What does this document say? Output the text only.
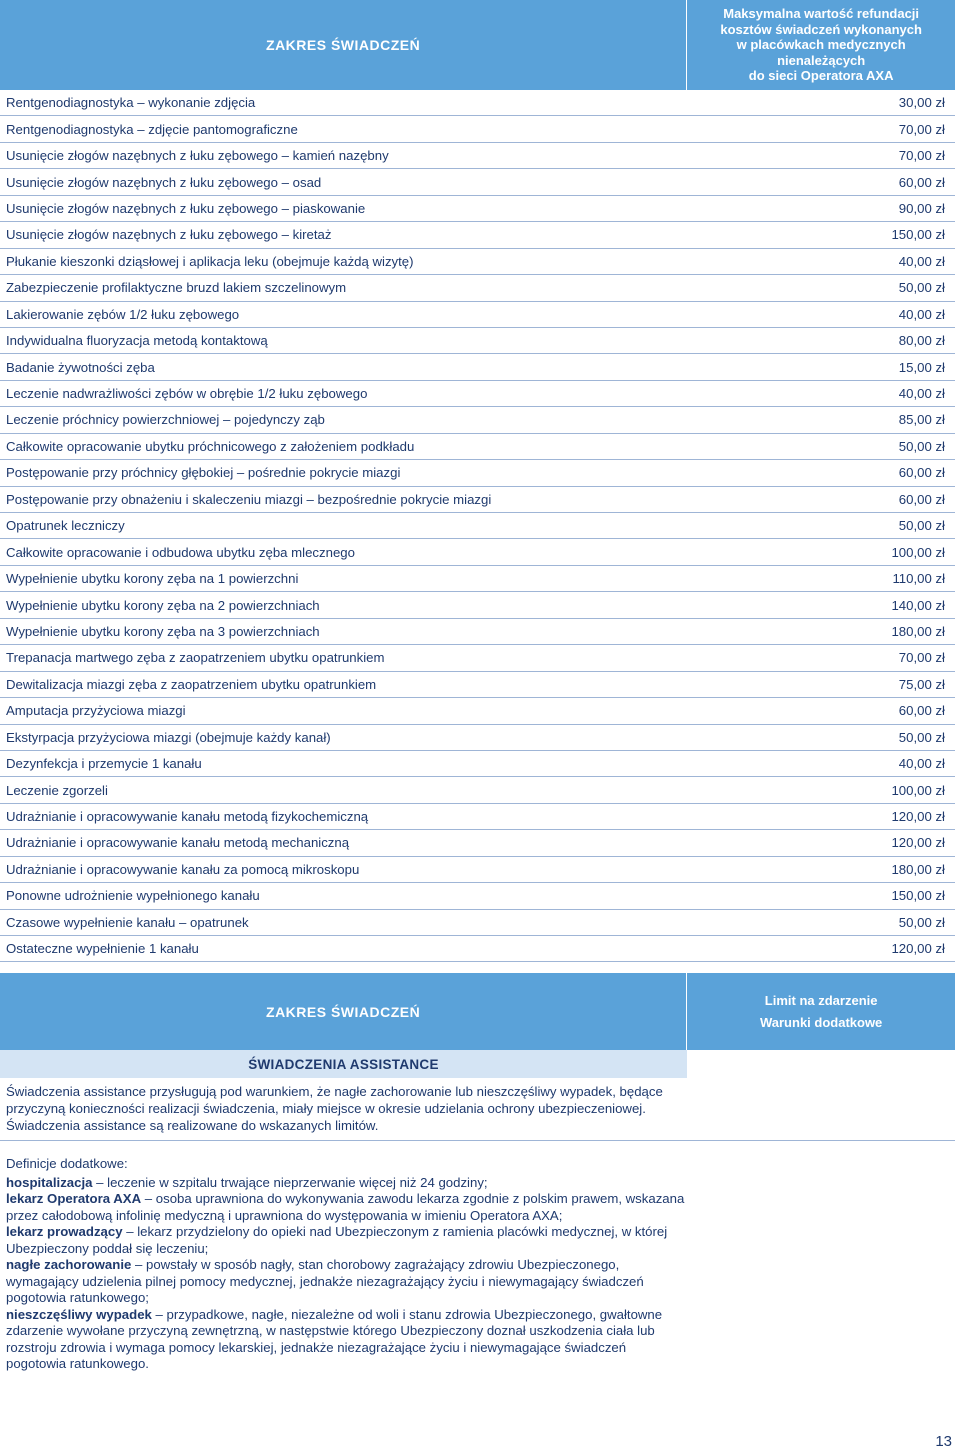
ZAKRES ŚWIADCZEŃ
Maksymalna wartość refundacji
kosztów świadczeń wykonanych
w placówkach medycznych
nienależących
do sieci Operatora AXA
Rentgenodiagnostyka – wykonanie zdjęcia	30,00 zł
Rentgenodiagnostyka – zdjęcie pantomograficzne	70,00 zł
Usunięcie złogów nazębnych z łuku zębowego – kamień nazębny	70,00 zł
Usunięcie złogów nazębnych z łuku zębowego – osad	60,00 zł
Usunięcie złogów nazębnych z łuku zębowego – piaskowanie	90,00 zł
Usunięcie złogów nazębnych z łuku zębowego – kiretaż	150,00 zł
Płukanie kieszonki dziąsłowej i aplikacja leku (obejmuje każdą wizytę)	40,00 zł
Zabezpieczenie profilaktyczne bruzd lakiem szczelinowym	50,00 zł
Lakierowanie zębów 1/2 łuku zębowego	40,00 zł
Indywidualna fluoryzacja metodą kontaktową	80,00 zł
Badanie żywotności zęba	15,00 zł
Leczenie nadwrażliwości zębów w obrębie 1/2 łuku zębowego	40,00 zł
Leczenie próchnicy powierzchniowej – pojedynczy ząb	85,00 zł
Całkowite opracowanie ubytku próchnicowego z założeniem podkładu	50,00 zł
Postępowanie przy próchnicy głębokiej – pośrednie pokrycie miazgi	60,00 zł
Postępowanie przy obnażeniu i skaleczeniu miazgi – bezpośrednie pokrycie miazgi	60,00 zł
Opatrunek leczniczy	50,00 zł
Całkowite opracowanie i odbudowa ubytku zęba mlecznego	100,00 zł
Wypełnienie ubytku korony zęba na 1 powierzchni	110,00 zł
Wypełnienie ubytku korony zęba na 2 powierzchniach	140,00 zł
Wypełnienie ubytku korony zęba na 3 powierzchniach	180,00 zł
Trepanacja martwego zęba z zaopatrzeniem ubytku opatrunkiem	70,00 zł
Dewitalizacja miazgi zęba z zaopatrzeniem ubytku opatrunkiem	75,00 zł
Amputacja przyżyciowa miazgi	60,00 zł
Ekstyrpacja przyżyciowa miazgi (obejmuje każdy kanał)	50,00 zł
Dezynfekcja i przemycie 1 kanału	40,00 zł
Leczenie zgorzeli	100,00 zł
Udrażnianie i opracowywanie kanału metodą fizykochemiczną	120,00 zł
Udrażnianie i opracowywanie kanału metodą mechaniczną	120,00 zł
Udrażnianie i opracowywanie kanału za pomocą mikroskopu	180,00 zł
Ponowne udrożnienie wypełnionego kanału	150,00 zł
Czasowe wypełnienie kanału – opatrunek	50,00 zł
Ostateczne wypełnienie 1 kanału	120,00 zł
ZAKRES ŚWIADCZEŃ
Limit na zdarzenie
Warunki dodatkowe
ŚWIADCZENIA ASSISTANCE
Świadczenia assistance przysługują pod warunkiem, że nagłe zachorowanie lub nieszczęśliwy wypadek, będące przyczyną konieczności realizacji świadczenia, miały miejsce w okresie udzielania ochrony ubezpieczeniowej. Świadczenia assistance są realizowane do wskazanych limitów.

Definicje dodatkowe:

hospitalizacja – leczenie w szpitalu trwające nieprzerwanie więcej niż 24 godziny;

lekarz Operatora AXA – osoba uprawniona do wykonywania zawodu lekarza zgodnie z polskim prawem, wskazana przez całodobową infolinię medyczną i uprawniona do występowania w imieniu Operatora AXA;

lekarz prowadzący – lekarz przydzielony do opieki nad Ubezpieczonym z ramienia placówki medycznej, w której Ubezpieczony poddał się leczeniu;

nagłe zachorowanie – powstały w sposób nagły, stan chorobowy zagrażający zdrowiu Ubezpieczonego, wymagający udzielenia pilnej pomocy medycznej, jednakże niezagrażający życiu i niewymagający świadczeń pogotowia ratunkowego;

nieszczęśliwy wypadek – przypadkowe, nagłe, niezależne od woli i stanu zdrowia Ubezpieczonego, gwałtowne zdarzenie wywołane przyczyną zewnętrzną, w następstwie którego Ubezpieczony doznał uszkodzenia ciała lub rozstroju zdrowia i wymaga pomocy lekarskiej, jednakże niezagrażające życiu i niewymagające świadczeń pogotowia ratunkowego.

13
